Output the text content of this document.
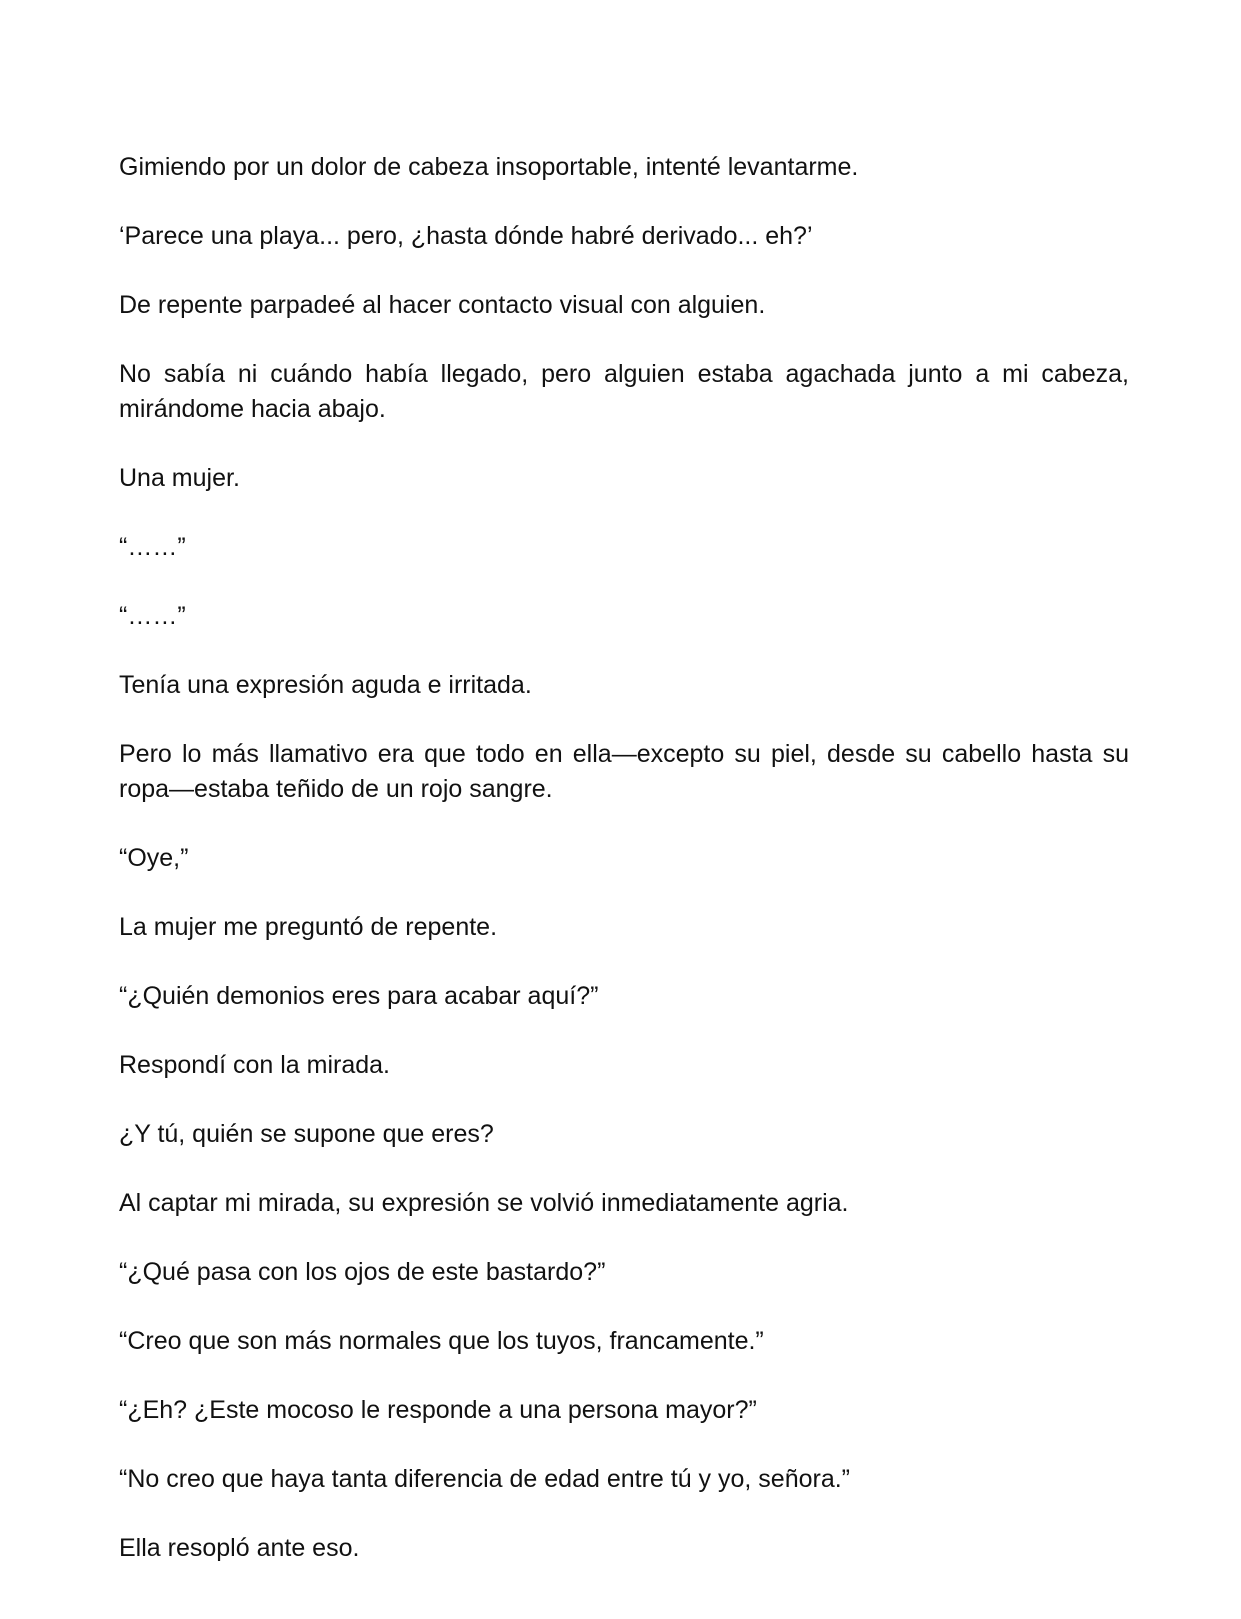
Gimiendo por un dolor de cabeza insoportable, intenté levantarme.

‘Parece una playa... pero, ¿hasta dónde habré derivado... eh?’

De repente parpadeé al hacer contacto visual con alguien.

No sabía ni cuándo había llegado, pero alguien estaba agachada junto a mi cabeza, mirándome hacia abajo.

Una mujer.

“……”

“……”

Tenía una expresión aguda e irritada.

Pero lo más llamativo era que todo en ella—excepto su piel, desde su cabello hasta su ropa—estaba teñido de un rojo sangre.

“Oye,”

La mujer me preguntó de repente.

“¿Quién demonios eres para acabar aquí?”

Respondí con la mirada.

¿Y tú, quién se supone que eres?

Al captar mi mirada, su expresión se volvió inmediatamente agria.

“¿Qué pasa con los ojos de este bastardo?”

“Creo que son más normales que los tuyos, francamente.”

“¿Eh? ¿Este mocoso le responde a una persona mayor?”

“No creo que haya tanta diferencia de edad entre tú y yo, señora.”

Ella resopló ante eso.
